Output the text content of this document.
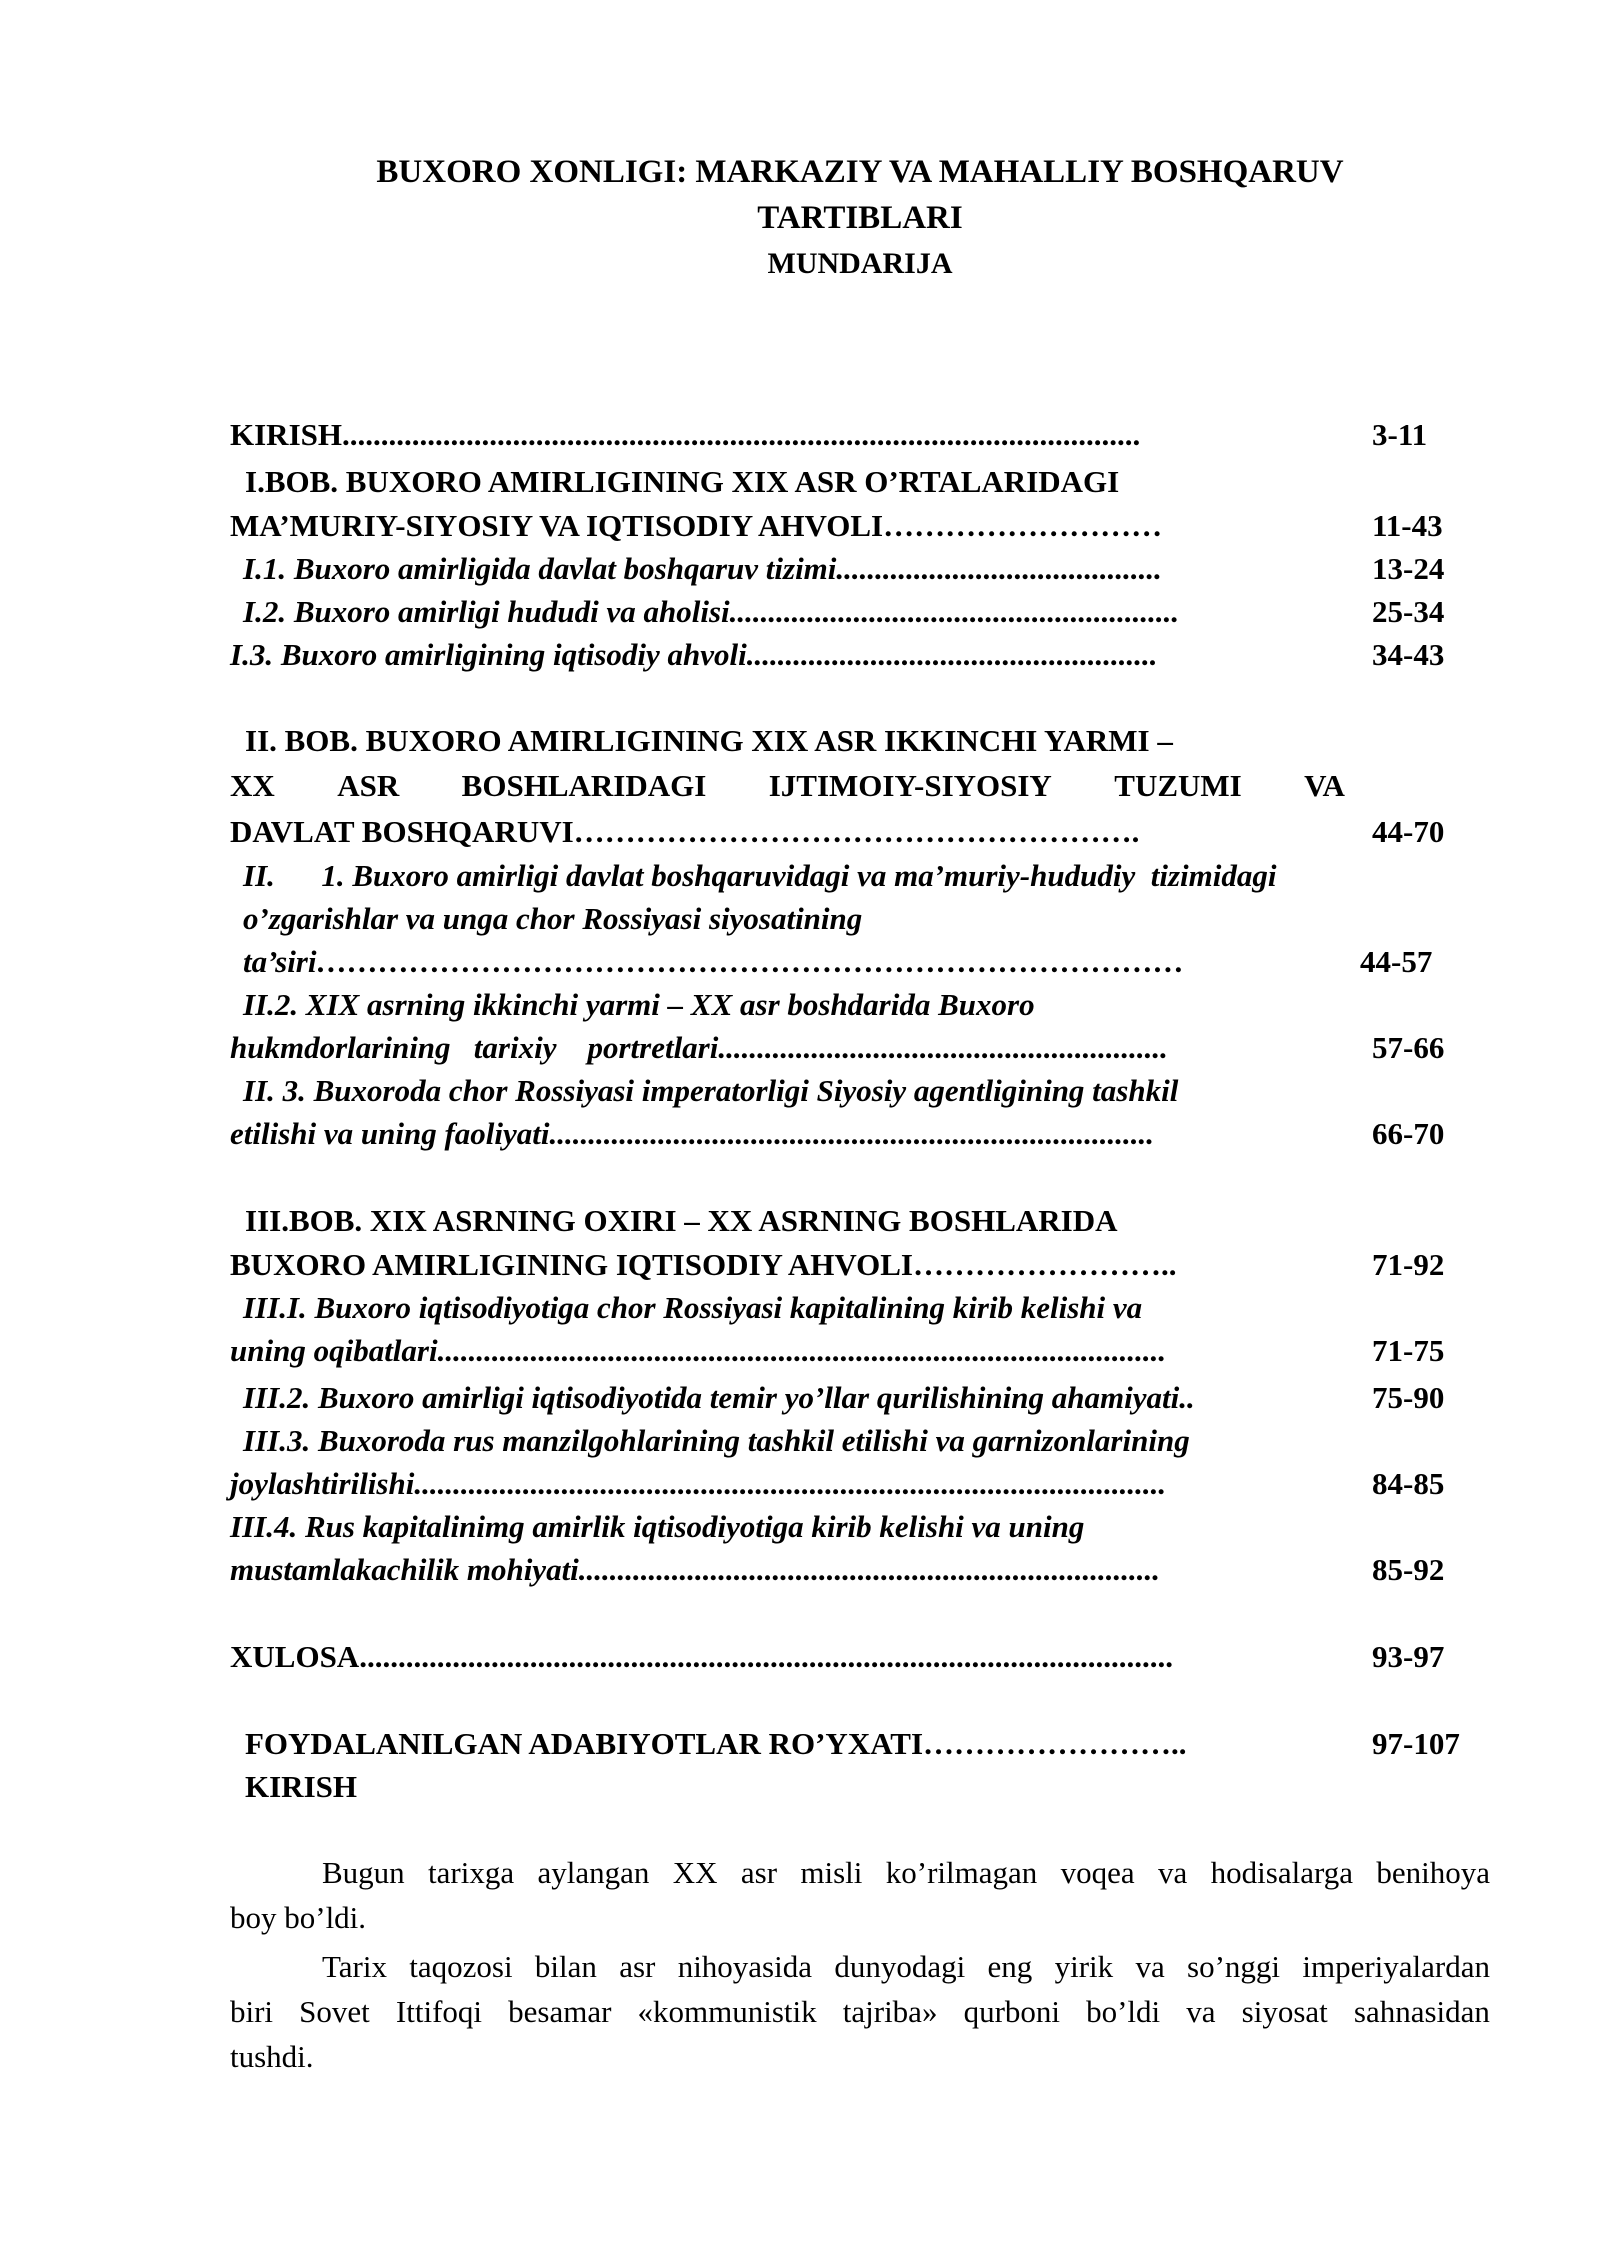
BUXORO XONLIGI: MARKAZIY VA MAHALLIY BOSHQARUV
TARTIBLARI
MUNDARIJA
KIRISH.......................................................................................................	3-11
I.BOB. BUXORO AMIRLIGINING XIX ASR O’RTALARIDAGI
MA’MURIY-SIYOSIY VA IQTISODIY AHVOLI………………………	11-43
I.1. Buxoro amirligida davlat boshqaruv tizimi..........................................	13-24
I.2. Buxoro amirligi hududi va aholisi..........................................................	25-34
I.3. Buxoro amirligining iqtisodiy ahvoli.....................................................	34-43
II. BOB. BUXORO AMIRLIGINING XIX ASR IKKINCHI YARMI –
XX ASR BOSHLARIDAGI IJTIMOIY-SIYOSIY TUZUMI VA
DAVLAT BOSHQARUVI……………………………………………….	44-70
II.      1. Buxoro amirligi davlat boshqaruvidagi va ma’muriy-hududiy  tizimidagi
o’zgarishlar va unga chor Rossiyasi siyosatining
ta’siri…………………………………………………………………………	44-57
II.2. XIX asrning ikkinchi yarmi – XX asr boshdarida Buxoro
hukmdorlarining   tarixiy    portretlari..........................................................	57-66
II. 3. Buxoroda chor Rossiyasi imperatorligi Siyosiy agentligining tashkil
etilishi va uning faoliyati..............................................................................	66-70
III.BOB. XIX ASRNING OXIRI – XX ASRNING BOSHLARIDA
BUXORO AMIRLIGINING IQTISODIY AHVOLI……………………..	71-92
III.I. Buxoro iqtisodiyotiga chor Rossiyasi kapitalining kirib kelishi va
uning oqibatlari..............................................................................................	71-75
III.2. Buxoro amirligi iqtisodiyotida temir yo’llar qurilishining ahamiyati..	75-90
III.3. Buxoroda rus manzilgohlarining tashkil etilishi va garnizonlarining
joylashtirilishi.................................................................................................	84-85
III.4. Rus kapitalinimg amirlik iqtisodiyotiga kirib kelishi va uning
mustamlakachilik mohiyati...........................................................................	85-92
XULOSA.........................................................................................................	93-97
FOYDALANILGAN ADABIYOTLAR RO’YXATI……………………..	97-107
KIRISH
Bugun tarixga aylangan XX asr misli ko’rilmagan voqea va hodisalarga benihoya
boy bo’ldi.
Tarix taqozosi bilan asr nihoyasida dunyodagi eng yirik va so’nggi imperiyalardan
biri Sovet Ittifoqi besamar «kommunistik tajriba» qurboni bo’ldi va siyosat sahnasidan
tushdi.
